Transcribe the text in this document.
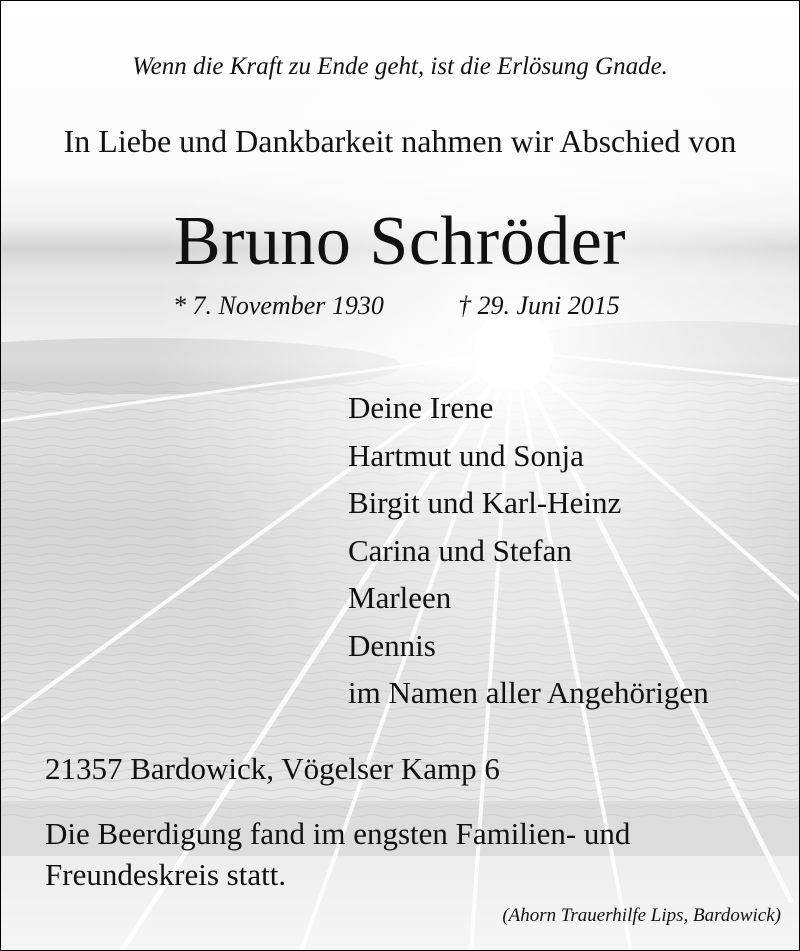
Wenn die Kraft zu Ende geht, ist die Erlösung Gnade.
In Liebe und Dankbarkeit nahmen wir Abschied von
Bruno Schröder
* 7. November 1930	† 29. Juni 2015
Deine Irene
Hartmut und Sonja
Birgit und Karl-Heinz
Carina und Stefan
Marleen
Dennis
im Namen aller Angehörigen
21357 Bardowick, Vögelser Kamp 6
Die Beerdigung fand im engsten Familien- und
Freundeskreis statt.
(Ahorn Trauerhilfe Lips, Bardowick)
